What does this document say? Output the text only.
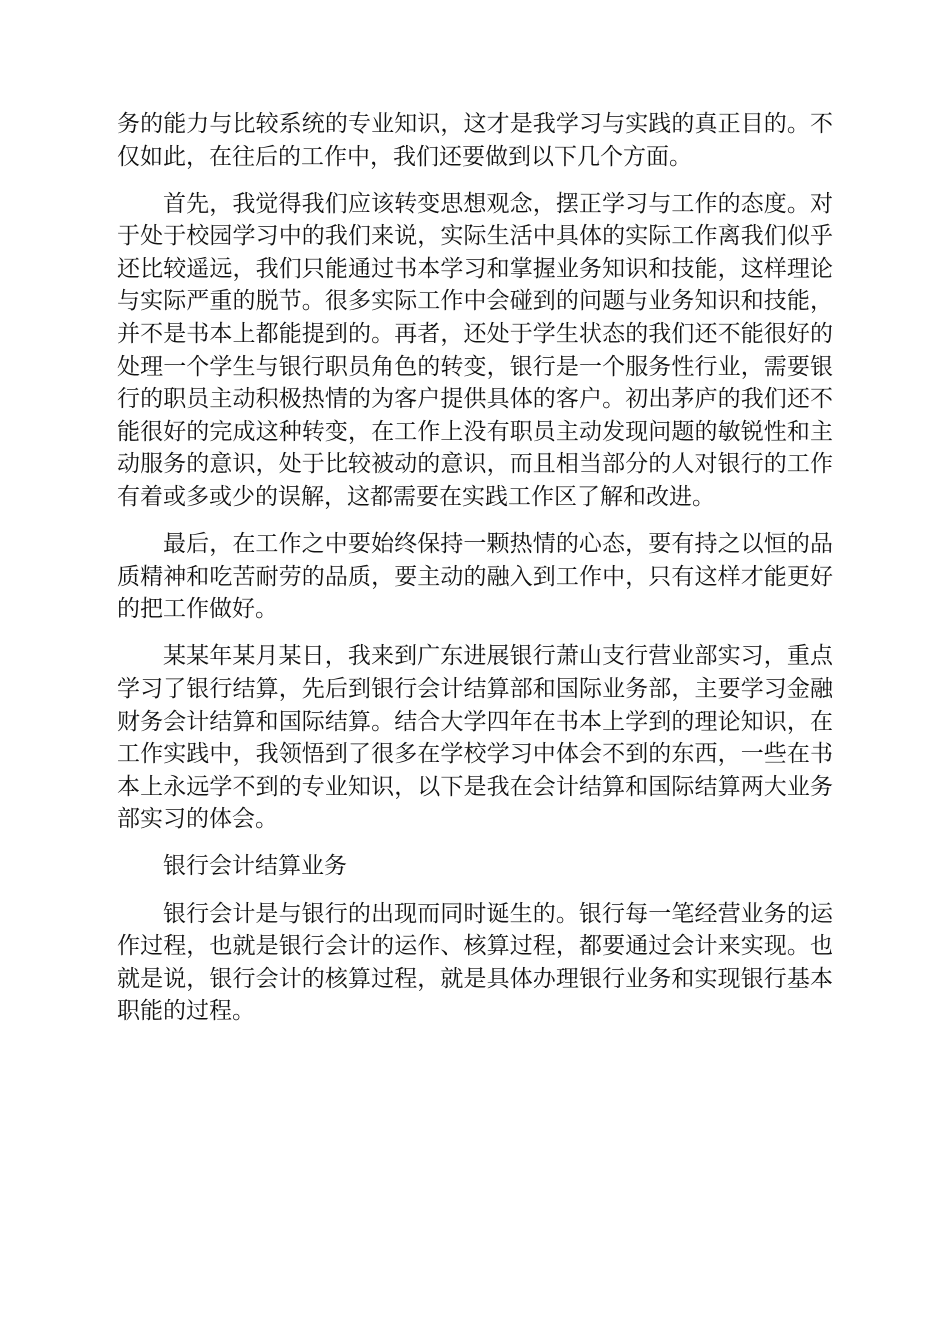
务的能力与比较系统的专业知识，这才是我学习与实践的真正目的。不仅如此，在往后的工作中，我们还要做到以下几个方面。

首先，我觉得我们应该转变思想观念，摆正学习与工作的态度。对于处于校园学习中的我们来说，实际生活中具体的实际工作离我们似乎还比较遥远，我们只能通过书本学习和掌握业务知识和技能，这样理论与实际严重的脱节。很多实际工作中会碰到的问题与业务知识和技能，并不是书本上都能提到的。再者，还处于学生状态的我们还不能很好的处理一个学生与银行职员角色的转变，银行是一个服务性行业，需要银行的职员主动积极热情的为客户提供具体的客户。初出茅庐的我们还不能很好的完成这种转变，在工作上没有职员主动发现问题的敏锐性和主动服务的意识，处于比较被动的意识，而且相当部分的人对银行的工作有着或多或少的误解，这都需要在实践工作区了解和改进。

最后，在工作之中要始终保持一颗热情的心态，要有持之以恒的品质精神和吃苦耐劳的品质，要主动的融入到工作中，只有这样才能更好的把工作做好。

某某年某月某日，我来到广东进展银行萧山支行营业部实习，重点学习了银行结算，先后到银行会计结算部和国际业务部，主要学习金融财务会计结算和国际结算。结合大学四年在书本上学到的理论知识，在工作实践中，我领悟到了很多在学校学习中体会不到的东西，一些在书本上永远学不到的专业知识，以下是我在会计结算和国际结算两大业务部实习的体会。

银行会计结算业务

银行会计是与银行的出现而同时诞生的。银行每一笔经营业务的运作过程，也就是银行会计的运作、核算过程，都要通过会计来实现。也就是说，银行会计的核算过程，就是具体办理银行业务和实现银行基本职能的过程。
